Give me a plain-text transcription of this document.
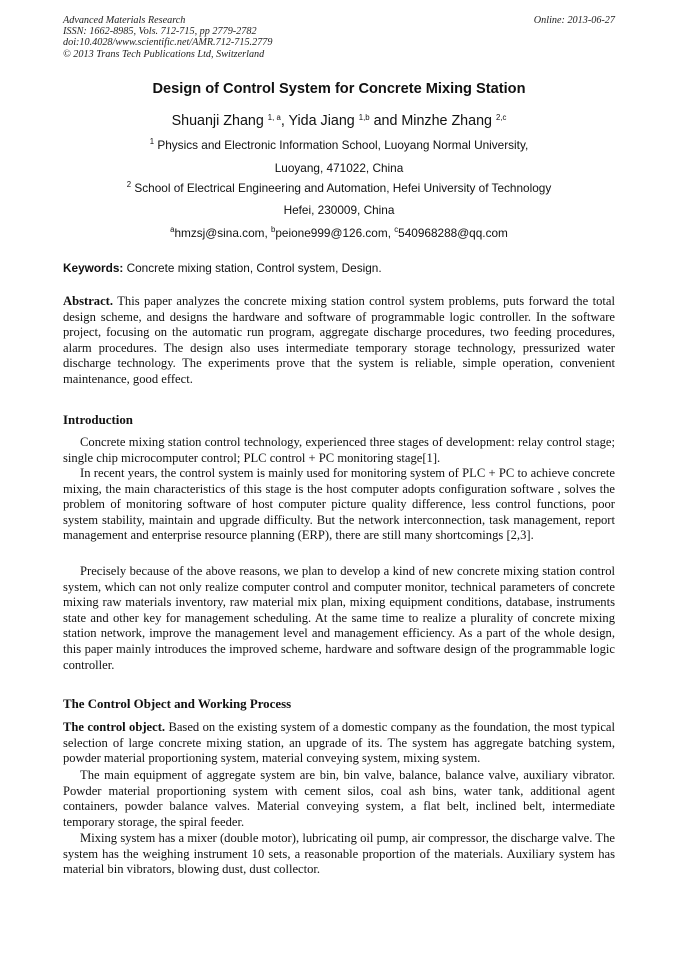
Advanced Materials Research
ISSN: 1662-8985, Vols. 712-715, pp 2779-2782
doi:10.4028/www.scientific.net/AMR.712-715.2779
© 2013 Trans Tech Publications Ltd, Switzerland
Online: 2013-06-27
Design of Control System for Concrete Mixing Station
Shuanji Zhang $^{1, a}$, Yida Jiang $^{1,b}$ and Minzhe Zhang $^{2,c}$
$^1$ Physics and Electronic Information School, Luoyang Normal University,
Luoyang, 471022, China
$^2$ School of Electrical Engineering and Automation, Hefei University of Technology
Hefei, 230009, China
$^a$hmzsj@sina.com, $^b$peione999@126.com, $^c$540968288@qq.com
Keywords: Concrete mixing station, Control system, Design.

Abstract. This paper analyzes the concrete mixing station control system problems, puts forward the total design scheme, and designs the hardware and software of programmable logic controller. In the software project, focusing on the automatic run program, aggregate discharge procedures, two feeding procedures, alarm procedures. The design also uses intermediate temporary storage technology, pressurized water discharge technology. The experiments prove that the system is reliable, simple operation, convenient maintenance, good effect.

Introduction

Concrete mixing station control technology, experienced three stages of development: relay control stage; single chip microcomputer control; PLC control + PC monitoring stage[1].

In recent years, the control system is mainly used for monitoring system of PLC + PC to achieve concrete mixing, the main characteristics of this stage is the host computer adopts configuration software , solves the problem of monitoring software of host computer picture quality difference, less control functions, poor system stability, maintain and upgrade difficulty. But the network interconnection, task management, report management and enterprise resource planning (ERP), there are still many shortcomings [2,3].

Precisely because of the above reasons, we plan to develop a kind of new concrete mixing station control system, which can not only realize computer control and computer monitor, technical parameters of concrete mixing raw materials inventory, raw material mix plan, mixing equipment conditions, database, instruments state and other key for management scheduling. At the same time to realize a plurality of concrete mixing station network, improve the management level and management efficiency. As a part of the whole design, this paper mainly introduces the improved scheme, hardware and software design of the programmable logic controller.

The Control Object and Working Process

The control object. Based on the existing system of a domestic company as the foundation, the most typical selection of large concrete mixing station, an upgrade of its. The system has aggregate batching system, powder material proportioning system, material conveying system, mixing system.

The main equipment of aggregate system are bin, bin valve, balance, balance valve, auxiliary vibrator. Powder material proportioning system with cement silos, coal ash bins, water tank, additional agent containers, powder balance valves. Material conveying system, a flat belt, inclined belt, intermediate temporary storage, the spiral feeder.

Mixing system has a mixer (double motor), lubricating oil pump, air compressor, the discharge valve. The system has the weighing instrument 10 sets, a reasonable proportion of the materials. Auxiliary system has material bin vibrators, blowing dust, dust collector.
